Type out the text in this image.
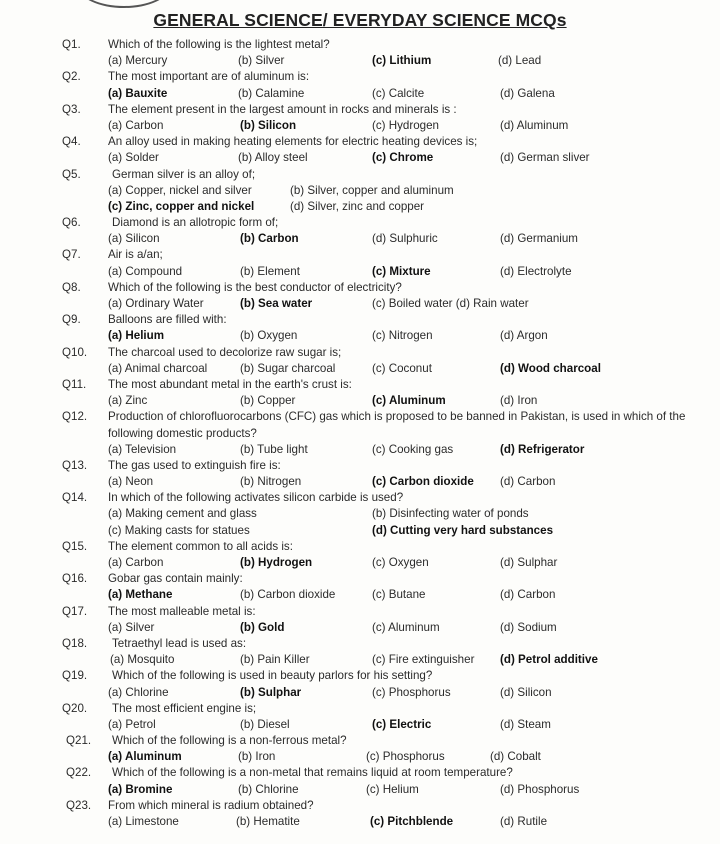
GENERAL SCIENCE/ EVERYDAY SCIENCE MCQs
Q1. Which of the following is the lightest metal?
(a) Mercury	(b) Silver	(c) Lithium	(d) Lead
Q2. The most important are of aluminum is:
(a) Bauxite	(b) Calamine	(c) Calcite	(d) Galena
Q3. The element present in the largest amount in rocks and minerals is :
(a) Carbon	(b) Silicon	(c) Hydrogen	(d) Aluminum
Q4. An alloy used in making heating elements for electric heating devices is;
(a) Solder	(b) Alloy steel	(c) Chrome	(d) German sliver
Q5.	German silver is an alloy of;
(a) Copper, nickel and silver	(b) Silver, copper and aluminum
(c) Zinc, copper and nickel	(d) Silver, zinc and copper
Q6.	Diamond is an allotropic form of;
(a) Silicon	(b) Carbon	(d) Sulphuric	(d) Germanium
Q7. Air is a/an;
(a) Compound	(b) Element	(c) Mixture	(d) Electrolyte
Q8. Which of the following is the best conductor of electricity?
(a) Ordinary Water	(b) Sea water	(c) Boiled water (d) Rain water
Q9. Balloons are filled with:
(a) Helium	(b) Oxygen	(c) Nitrogen	(d) Argon
Q10. The charcoal used to decolorize raw sugar is;
(a) Animal charcoal	(b) Sugar charcoal	(c) Coconut	(d) Wood charcoal
Q11. The most abundant metal in the earth's crust is:
(a) Zinc	(b) Copper	(c) Aluminum	(d) Iron
Q12. Production of chlorofluorocarbons (CFC) gas which is proposed to be banned in Pakistan, is used in which of the
following domestic products?
(a) Television	(b) Tube light	(c) Cooking gas	(d) Refrigerator
Q13. The gas used to extinguish fire is:
(a) Neon	(b) Nitrogen	(c) Carbon dioxide (d) Carbon
Q14. In which of the following activates silicon carbide is used?
(a) Making cement and glass	(b) Disinfecting water of ponds
(c) Making casts for statues	(d) Cutting very hard substances
Q15. The element common to all acids is:
(a) Carbon	(b) Hydrogen	(c) Oxygen	(d) Sulphar
Q16. Gobar gas contain mainly:
(a) Methane	(b) Carbon dioxide	(c) Butane	(d) Carbon
Q17. The most malleable metal is:
(a) Silver	(b) Gold	(c) Aluminum	(d) Sodium
Q18. Tetraethyl lead is used as:
(a) Mosquito	(b) Pain Killer	(c) Fire extinguisher (d) Petrol additive
Q19. Which of the following is used in beauty parlors for his setting?
(a) Chlorine	(b) Sulphar	(c) Phosphorus	(d) Silicon
Q20. The most efficient engine is;
(a) Petrol	(b) Diesel	(c) Electric	(d) Steam
Q21. Which of the following is a non-ferrous metal?
(a) Aluminum	(b) Iron	(c) Phosphorus	(d) Cobalt
Q22. Which of the following is a non-metal that remains liquid at room temperature?
(a) Bromine	(b) Chlorine	(c) Helium	(d) Phosphorus
Q23. From which mineral is radium obtained?
(a) Limestone	(b) Hematite	(c) Pitchblende	(d) Rutile
